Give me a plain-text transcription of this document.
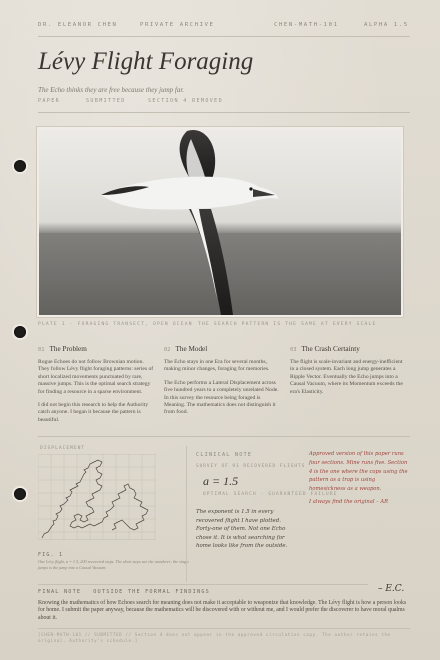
DR. ELEANOR CHEN	PRIVATE ARCHIVE	CHEN-MATH-101	ALPHA 1.5
Lévy Flight Foraging
The Echo thinks they are free because they jump far.
PAPER	SUBMITTED	SECTION 4 REMOVED
PLATE 1 · FORAGING TRANSECT, OPEN OCEAN THE SEARCH PATTERN IS THE SAME AT EVERY SCALE
01 The Problem

Rogue Echoes do not follow Brownian motion. They follow Lévy flight foraging patterns: series of short localized movements punctuated by rare, massive jumps. This is the optimal search strategy for finding a resource in a sparse environment.

I did not begin this research to help the Authority catch anyone. I began it because the pattern is beautiful.

02 The Model

The Echo stays in one Era for several months, making minor changes, foraging for memories.

The Echo performs a Lateral Displacement across five hundred years to a completely unrelated Node. In this survey the resource being foraged is Meaning. The mathematics does not distinguish it from food.

03 The Crash Certainty

The flight is scale-invariant and energy-inefficient in a closed system. Each long jump generates a Ripple Vector. Eventually the Echo jumps into a Causal Vacuum, where its Momentum exceeds the era's Elasticity.

DISPLACEMENT
FIG. 1
One Lévy flight, a = 1.5, 200 recovered steps. The short steps are the wanderer; the single jumps is the jump into a Causal Vacuum.
CLINICAL NOTE
SURVEY OF 91 RECOVERED FLIGHTS
a = 1.5
OPTIMAL SEARCH · GUARANTEED FAILURE
The exponent is 1.5 in every recovered flight I have plotted. Forty-one of them. Not one Echo chose it. It is what searching for home looks like from the outside.

Approved version of this paper runs four sections. Mine runs five. Section 4 is the one where the cops using the pattern as a trap is using homesickness as a weapon.

I always find the original – AR

– E.C.
FINAL NOTE OUTSIDE THE FORMAL FINDINGS
Knowing the mathematics of how Echoes search for meaning does not make it acceptable to weaponize that knowledge. The Lévy flight is how a person looks for home. I submit the paper anyway, because the mathematics will be discovered with or without me, and I would prefer the discoverer to have moral qualms about it.
[CHEN-MATH-101 // SUBMITTED // Section 4 does not appear in the approved circulation copy. The author retains the original. Authority's schedule.]
